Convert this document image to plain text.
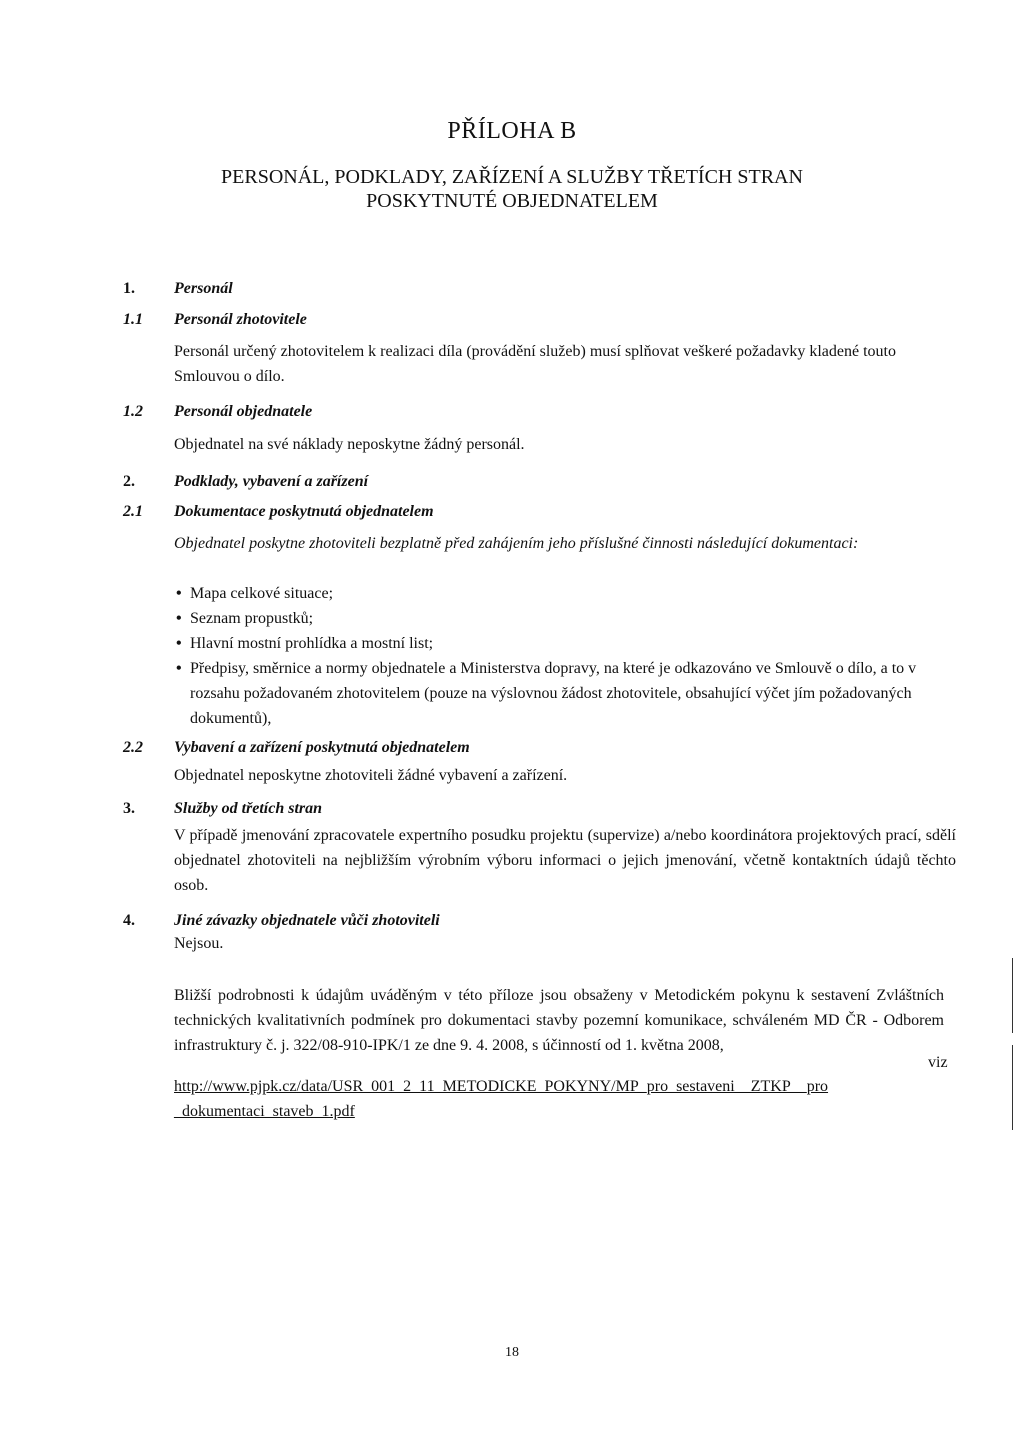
PŘÍLOHA B
PERSONÁL, PODKLADY, ZAŘÍZENÍ A SLUŽBY TŘETÍCH STRAN
POSKYTNUTÉ OBJEDNATELEM
1. Personál
1.1 Personál zhotovitele
Personál určený zhotovitelem k realizaci díla (provádění služeb) musí splňovat veškeré požadavky kladené touto Smlouvou o dílo.
1.2 Personál objednatele
Objednatel na své náklady neposkytne žádný personál.
2. Podklady, vybavení a zařízení
2.1 Dokumentace poskytnutá objednatelem
Objednatel poskytne zhotoviteli bezplatně před zahájením jeho příslušné činnosti následující dokumentaci:
• Mapa celkové situace;
• Seznam propustků;
• Hlavní mostní prohlídka a mostní list;
• Předpisy, směrnice a normy objednatele a Ministerstva dopravy, na které je odkazováno ve Smlouvě o dílo, a to v rozsahu požadovaném zhotovitelem (pouze na výslovnou žádost zhotovitele, obsahující výčet jím požadovaných dokumentů),
2.2 Vybavení a zařízení poskytnutá objednatelem
Objednatel neposkytne zhotoviteli žádné vybavení a zařízení.
3. Služby od třetích stran
V případě jmenování zpracovatele expertního posudku projektu (supervize) a/nebo koordinátora projektových prací, sdělí objednatel zhotoviteli na nejbližším výrobním výboru informaci o jejich jmenování, včetně kontaktních údajů těchto osob.
4. Jiné závazky objednatele vůči zhotoviteli
Nejsou.
Bližší podrobnosti k údajům uváděným v této příloze jsou obsaženy v Metodickém pokynu k sestavení Zvláštních technických kvalitativních podmínek pro dokumentaci stavby pozemní komunikace, schváleném MD ČR - Odborem infrastruktury č. j. 322/08-910-IPK/1 ze dne 9. 4. 2008, s účinností od 1. května 2008,
viz
http://www.pjpk.cz/data/USR_001_2_11_METODICKE_POKYNY/MP_pro_sestaveni__ZTKP__pro
_dokumentaci_staveb_1.pdf
18
